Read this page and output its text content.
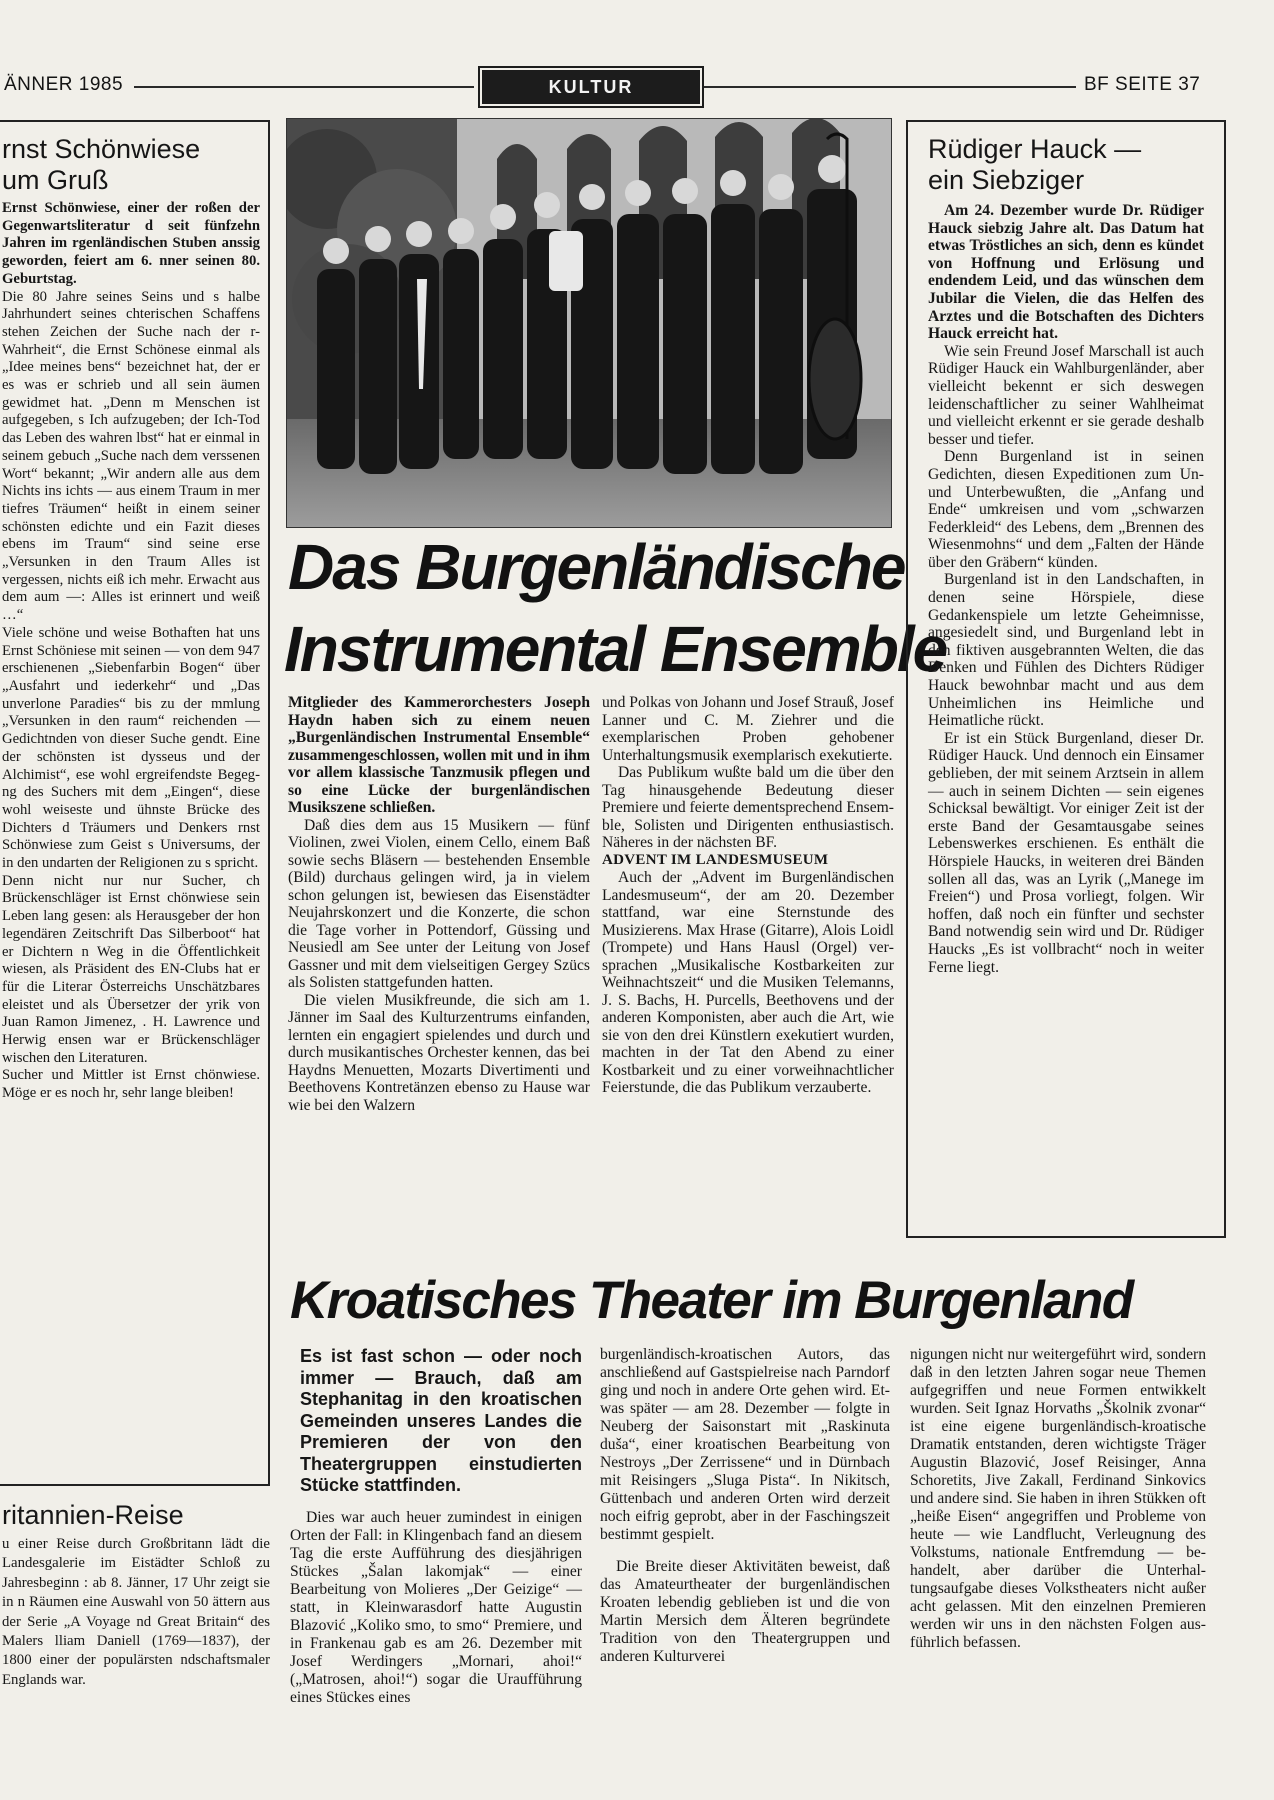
ÄNNER 1985	KULTUR	BF SEITE 37
rnst Schönwiese
um Gruß

Ernst Schönwiese, einer der roßen der Gegenwartsliteratur d seit fünfzehn Jahren im rgenländischen Stuben anssig geworden, feiert am 6. nner seinen 80. Geburtstag.

Die 80 Jahre seines Seins und s halbe Jahrhundert seines chterischen Schaffens stehen Zeichen der Suche nach der r-Wahrheit“, die Ernst Schönese einmal als „Idee meines bens“ bezeichnet hat, der er es was er schrieb und all sein äumen gewidmet hat. „Denn m Menschen ist aufgegeben, s Ich aufzugeben; der Ich-Tod das Leben des wahren lbst“ hat er einmal in seinem gebuch „Suche nach dem verssenen Wort“ bekannt; „Wir andern alle aus dem Nichts ins ichts — aus einem Traum in mer tiefres Träumen“ heißt in einem seiner schönsten edichte und ein Fazit dieses ebens im Traum“ sind seine erse „Versunken in den Traum Alles ist vergessen, nichts eiß ich mehr. Erwacht aus dem aum —: Alles ist erinnert und weiß …“

Viele schöne und weise Bothaften hat uns Ernst Schöniese mit seinen — von dem 947 erschienenen „Siebenfarbin Bogen“ über „Ausfahrt und iederkehr“ und „Das unverlone Paradies“ bis zu der mmlung „Versunken in den raum“ reichenden — Gedichtnden von dieser Suche gendt. Eine der schönsten ist dysseus und der Alchimist“, ese wohl ergreifendste Begegng des Suchers mit dem „Eingen“, diese wohl weiseste und ühnste Brücke des Dichters d Träumers und Denkers rnst Schönwiese zum Geist s Universums, der in den undarten der Religionen zu s spricht.

Denn nicht nur nur Sucher, ch Brückenschläger ist Ernst chönwiese sein Leben lang gesen: als Herausgeber der hon legendären Zeitschrift Das Silberboot“ hat er Dichtern n Weg in die Öffentlichkeit wiesen, als Präsident des EN-Clubs hat er für die Literar Österreichs Unschätzbares eleistet und als Übersetzer der yrik von Juan Ramon Jimenez, . H. Lawrence und Herwig ensen war er Brückenschläger wischen den Literaturen.

Sucher und Mittler ist Ernst chönwiese. Möge er es noch hr, sehr lange bleiben!

ritannien-Reise

u einer Reise durch Großbritann lädt die Landesgalerie im Eistädter Schloß zu Jahresbeginn : ab 8. Jänner, 17 Uhr zeigt sie in n Räumen eine Auswahl von 50 ättern aus der Serie „A Voyage nd Great Britain“ des Malers lliam Daniell (1769—1837), der 1800 einer der populärsten ndschaftsmaler Englands war.

Das Burgenländische
Instrumental Ensemble

Mitglieder des Kammerorchesters Joseph Haydn haben sich zu einem neuen „Burgenländischen Instrumental Ensemble“ zusammengeschlossen, wollen mit und in ihm vor allem klassische Tanzmusik pflegen und so eine Lücke der burgenländischen Musikszene schließen.

Daß dies dem aus 15 Musikern — fünf Violinen, zwei Violen, einem Cello, einem Baß sowie sechs Bläsern — bestehenden Ensemble (Bild) durchaus gelingen wird, ja in vielem schon gelungen ist, bewiesen das Eisenstädter Neujahrskonzert und die Konzerte, die schon die Tage vorher in Pottendorf, Güssing und Neusiedl am See unter der Leitung von Josef Gassner und mit dem vielseitigen Gergey Szücs als Solisten stattgefunden hatten.

Die vielen Musikfreunde, die sich am 1. Jänner im Saal des Kulturzentrums einfanden, lernten ein engagiert spielendes und durch und durch musikantisches Orchester kennen, das bei Haydns Menuetten, Mozarts Divertimenti und Beethovens Kontretänzen ebenso zu Hause war wie bei den Walzern

und Polkas von Johann und Josef Strauß, Josef Lanner und C. M. Ziehrer und die exemplarischen Proben gehobener Unterhaltungsmusik exemplarisch exekutierte.

Das Publikum wußte bald um die über den Tag hinausgehende Bedeutung dieser Premiere und feierte dementsprechend Ensemble, Solisten und Dirigenten enthusiastisch. Näheres in der nächsten BF.

ADVENT IM LANDESMUSEUM

Auch der „Advent im Burgenländischen Landesmuseum“, der am 20. Dezember stattfand, war eine Sternstunde des Musizierens. Max Hrase (Gitarre), Alois Loidl (Trompete) und Hans Hausl (Orgel) versprachen „Musikalische Kostbarkeiten zur Weihnachtszeit“ und die Musiken Telemanns, J. S. Bachs, H. Purcells, Beethovens und der anderen Komponisten, aber auch die Art, wie sie von den drei Künstlern exekutiert wurden, machten in der Tat den Abend zu einer Kostbarkeit und zu einer vorweihnachtlicher Feierstunde, die das Publikum verzauberte.

Rüdiger Hauck —
ein Siebziger

Am 24. Dezember wurde Dr. Rüdiger Hauck siebzig Jahre alt. Das Datum hat etwas Tröstliches an sich, denn es kündet von Hoffnung und Erlösung und endendem Leid, und das wünschen dem Jubilar die Vielen, die das Helfen des Arztes und die Botschaften des Dichters Hauck erreicht hat.

Wie sein Freund Josef Marschall ist auch Rüdiger Hauck ein Wahlburgenländer, aber vielleicht bekennt er sich deswegen leidenschaftlicher zu seiner Wahlheimat und vielleicht erkennt er sie gerade deshalb besser und tiefer.

Denn Burgenland ist in seinen Gedichten, diesen Expeditionen zum Un- und Unterbewußten, die „Anfang und Ende“ umkreisen und vom „schwarzen Federkleid“ des Lebens, dem „Brennen des Wiesenmohns“ und dem „Falten der Hände über den Gräbern“ künden.

Burgenland ist in den Landschaften, in denen seine Hörspiele, diese Gedankenspiele um letzte Geheimnisse, angesiedelt sind, und Burgenland lebt in den fiktiven ausgebrannten Welten, die das Denken und Fühlen des Dichters Rüdiger Hauck bewohnbar macht und aus dem Unheimlichen ins Heimliche und Heimatliche rückt.

Er ist ein Stück Burgenland, dieser Dr. Rüdiger Hauck. Und dennoch ein Einsamer geblieben, der mit seinem Arztsein in allem — auch in seinem Dichten — sein eigenes Schicksal bewältigt. Vor einiger Zeit ist der erste Band der Gesamtausgabe seines Lebenswerkes erschienen. Es enthält die Hörspiele Haucks, in weiteren drei Bänden sollen all das, was an Lyrik („Manege im Freien“) und Prosa vorliegt, folgen. Wir hoffen, daß noch ein fünfter und sechster Band notwendig sein wird und Dr. Rüdiger Haucks „Es ist vollbracht“ noch in weiter Ferne liegt.

Kroatisches Theater im Burgenland
Es ist fast schon — oder noch immer — Brauch, daß am Stephanitag in den kroatischen Gemeinden unseres Landes die Premieren der von den Theatergruppen einstudierten Stücke stattfinden.

Dies war auch heuer zumindest in einigen Orten der Fall: in Klingenbach fand an diesem Tag die erste Aufführung des diesjährigen Stückes „Šalan lakomjak“ — einer Bearbeitung von Molieres „Der Geizige“ — statt, in Kleinwarasdorf hatte Augustin Blazović „Koliko smo, to smo“ Premiere, und in Frankenau gab es am 26. Dezember mit Josef Werdingers „Mornari, ahoi!“ („Matrosen, ahoi!“) sogar die Uraufführung eines Stückes eines

burgenländisch-kroatischen Autors, das anschließend auf Gastspielreise nach Parndorf ging und noch in andere Orte gehen wird. Etwas später — am 28. Dezember — folgte in Neuberg der Saisonstart mit „Raskinuta duša“, einer kroatischen Bearbeitung von Nestroys „Der Zerrissene“ und in Dürnbach mit Reisingers „Sluga Pista“. In Nikitsch, Güttenbach und anderen Orten wird derzeit noch eifrig geprobt, aber in der Faschingszeit bestimmt gespielt.

Die Breite dieser Aktivitäten beweist, daß das Amateurtheater der burgenländischen Kroaten lebendig geblieben ist und die von Martin Mersich dem Älteren begründete Tradition von den Theatergruppen und anderen Kulturverei

nigungen nicht nur weitergeführt wird, sondern daß in den letzten Jahren sogar neue Themen aufgegriffen und neue Formen entwikkelt wurden. Seit Ignaz Horvaths „Školnik zvonar“ ist eine eigene burgenländisch-kroatische Dramatik entstanden, deren wichtigste Träger Augustin Blazović, Josef Reisinger, Anna Schoretits, Jive Zakall, Ferdinand Sinkovics und andere sind. Sie haben in ihren Stükken oft „heiße Eisen“ angegriffen und Probleme von heute — wie Landflucht, Verleugnung des Volkstums, nationale Entfremdung — behandelt, aber darüber die Unterhaltungsaufgabe dieses Volkstheaters nicht außer acht gelassen. Mit den einzelnen Premieren werden wir uns in den nächsten Folgen ausführlich befassen.
